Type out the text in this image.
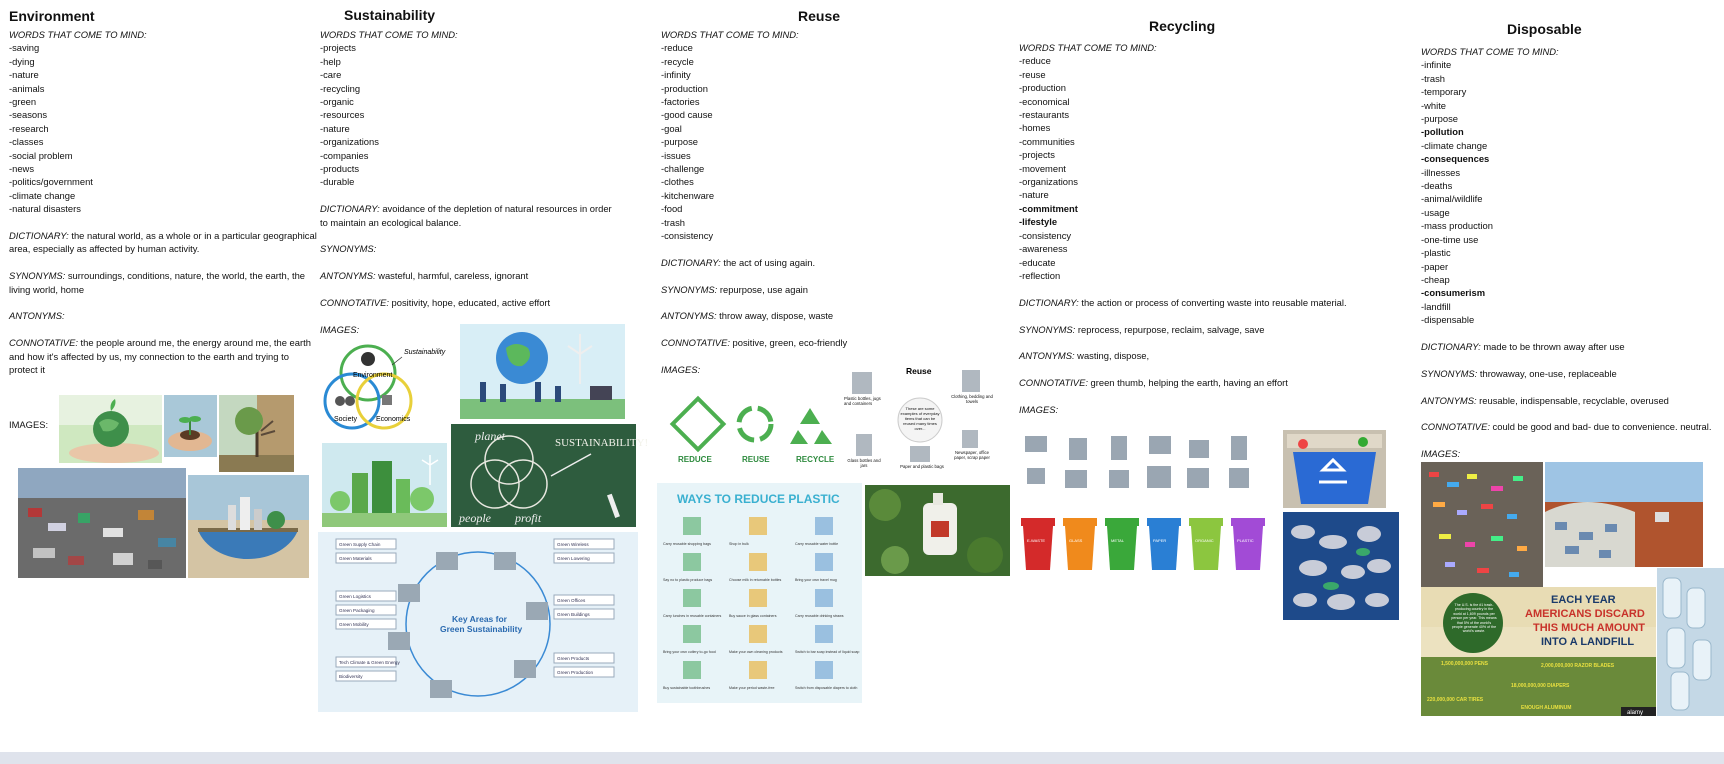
Environment
WORDS THAT COME TO MIND:
-saving
-dying
-nature
-animals
-green
-seasons
-research
-classes
-social problem
-news
-politics/government
-climate change
-natural disasters
DICTIONARY: the natural world, as a whole or in a particular geographical area, especially as affected by human activity.
SYNONYMS: surroundings, conditions, nature, the world, the earth, the living world, home
ANTONYMS:
CONNOTATIVE: the people around me, the energy around me, the earth and how it's affected by us, my connection to the earth and trying to protect it
IMAGES:
Sustainability
WORDS THAT COME TO MIND:
-projects
-help
-care
-recycling
-organic
-resources
-nature
-organizations
-companies
-products
-durable
DICTIONARY: avoidance of the depletion of natural resources in order to maintain an ecological balance.
SYNONYMS:
ANTONYMS: wasteful, harmful, careless, ignorant
CONNOTATIVE: positivity, hope, educated, active effort
IMAGES:
Environment
Society	Economics
Sustainability
planet
people profit
SUSTAINABILITY!
Key Areas for
Green Sustainability
Green Supply Chain
Green Materials
Green Logistics
Green Packaging
Green Mobility
Tech Climate & Green Energy
Biodiversity
Green Wireless
Green Lowering
Green Offices
Green Buildings
Green Products
Green Production
Reuse
WORDS THAT COME TO MIND:
-reduce
-recycle
-infinity
-production
-factories
-good cause
-goal
-purpose
-issues
-challenge
-clothes
-kitchenware
-food
-trash
-consistency
DICTIONARY: the act of using again.
SYNONYMS: repurpose, use again
ANTONYMS: throw away, dispose, waste
CONNOTATIVE: positive, green, eco-friendly
IMAGES:
REDUCE	REUSE	RECYCLE
Reuse
These are some examples of everyday items that can be reused many times over...
Plastic bottles, jugs and containers
Clothing, bedding and towels
Glass bottles and jars	Paper and plastic bags
Newspaper, office paper, scrap paper
WAYS TO REDUCE PLASTIC
Carry reusable shopping bags	Shop in bulk	Carry reusable water bottle
Say no to plastic produce bags	Choose milk in returnable bottles	Bring your own travel mug
Carry lunches in reusable containers Buy sauce in glass containers	Carry reusable drinking straws
Bring your own cutlery to-go food	Make your own cleaning products	Switch to bar soap instead of liquid soap
Buy sustainable toothbrushes	Make your period waste-free	Switch from disposable diapers to cloth
Recycling
WORDS THAT COME TO MIND:
-reduce
-reuse
-production
-economical
-restaurants
-homes
-communities
-projects
-movement
-organizations
-nature
-commitment
-lifestyle
-consistency
-awareness
-educate
-reflection
DICTIONARY: the action or process of converting waste into reusable material.
SYNONYMS: reprocess, repurpose, reclaim, salvage, save
ANTONYMS: wasting, dispose,
CONNOTATIVE: green thumb, helping the earth, having an effort
IMAGES:
E-WASTE	GLASS	METAL	PAPER	ORGANIC	PLASTIC
Disposable
WORDS THAT COME TO MIND:
-infinite
-trash
-temporary
-white
-purpose
-pollution
-climate change
-consequences
-illnesses
-deaths
-animal/wildlife
-usage
-mass production
-one-time use
-plastic
-paper
-cheap
-consumerism
-landfill
-dispensable
DICTIONARY: made to be thrown away after use
SYNONYMS: throwaway, one-use, replaceable
ANTONYMS: reusable, indispensable, recyclable, overused
CONNOTATIVE: could be good and bad- due to convenience. neutral.
IMAGES:
EACH YEAR
AMERICANS DISCARD
THIS MUCH AMOUNT
INTO A LANDFILL
The U.S. is the #1 trash-producing country in the world at 1,609 pounds per person per year. This means that 5% of the world's people generate 40% of the world's waste.
1,500,000,000 PENS
220,000,000 CAR TIRES
2,000,000,000 RAZOR BLADES
18,000,000,000 DIAPERS
ENOUGH ALUMINUM
alamy
